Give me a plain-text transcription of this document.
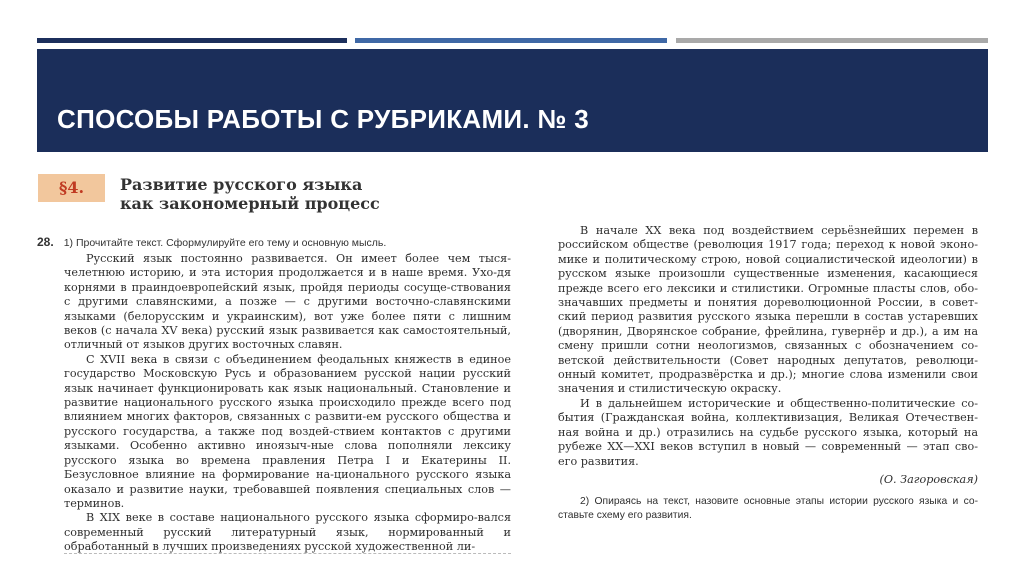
СПОСОБЫ РАБОТЫ С РУБРИКАМИ. № 3
§4.	Развитие русского языка
как закономерный процесс
28. 1) Прочитайте текст. Сформулируйте его тему и основную мысль.

Русский язык постоянно развивается. Он имеет более чем тыся-челетнюю историю, и эта история продолжается и в наше время. Ухо-дя корнями в праиндоевропейский язык, пройдя периоды сосуще-ствования с другими славянскими, а позже — с другими восточно-славянскими языками (белорусским и украинским), вот уже более пяти с лишним веков (с начала XV века) русский язык развивается как самостоятельный, отличный от языков других восточных славян.

С XVII века в связи с объединением феодальных княжеств в единое государство Московскую Русь и образованием русской нации русский язык начинает функционировать как язык национальный. Становление и развитие национального русского языка происходило прежде всего под влиянием многих факторов, связанных с развити-ем русского общества и русского государства, а также под воздей-ствием контактов с другими языками. Особенно активно иноязыч-ные слова пополняли лексику русского языка во времена правления Петра I и Екатерины II. Безусловное влияние на формирование на-ционального русского языка оказало и развитие науки, требовавшей появления специальных слов — терминов.

В XIX веке в составе национального русского языка сформиро-вался современный русский литературный язык, нормированный и обработанный в лучших произведениях русской художественной ли-

В начале XX века под воздействием серьёзнейших перемен в российском обществе (революция 1917 года; переход к новой эконо-мике и политическому строю, новой социалистической идеологии) в русском языке произошли существенные изменения, касающиеся прежде всего его лексики и стилистики. Огромные пласты слов, обо-значавших предметы и понятия дореволюционной России, в совет-ский период развития русского языка перешли в состав устаревших (дворянин, Дворянское собрание, фрейлина, гувернёр и др.), а им на смену пришли сотни неологизмов, связанных с обозначением со-ветской действительности (Совет народных депутатов, революци-онный комитет, продразвёрстка и др.); многие слова изменили свои значения и стилистическую окраску.

И в дальнейшем исторические и общественно-политические со-бытия (Гражданская война, коллективизация, Великая Отечествен-ная война и др.) отразились на судьбе русского языка, который на рубеже XX—XXI веков вступил в новый — современный — этап сво-его развития.

(О. Загоровская)
2) Опираясь на текст, назовите основные этапы истории русского языка и со-ставьте схему его развития.
